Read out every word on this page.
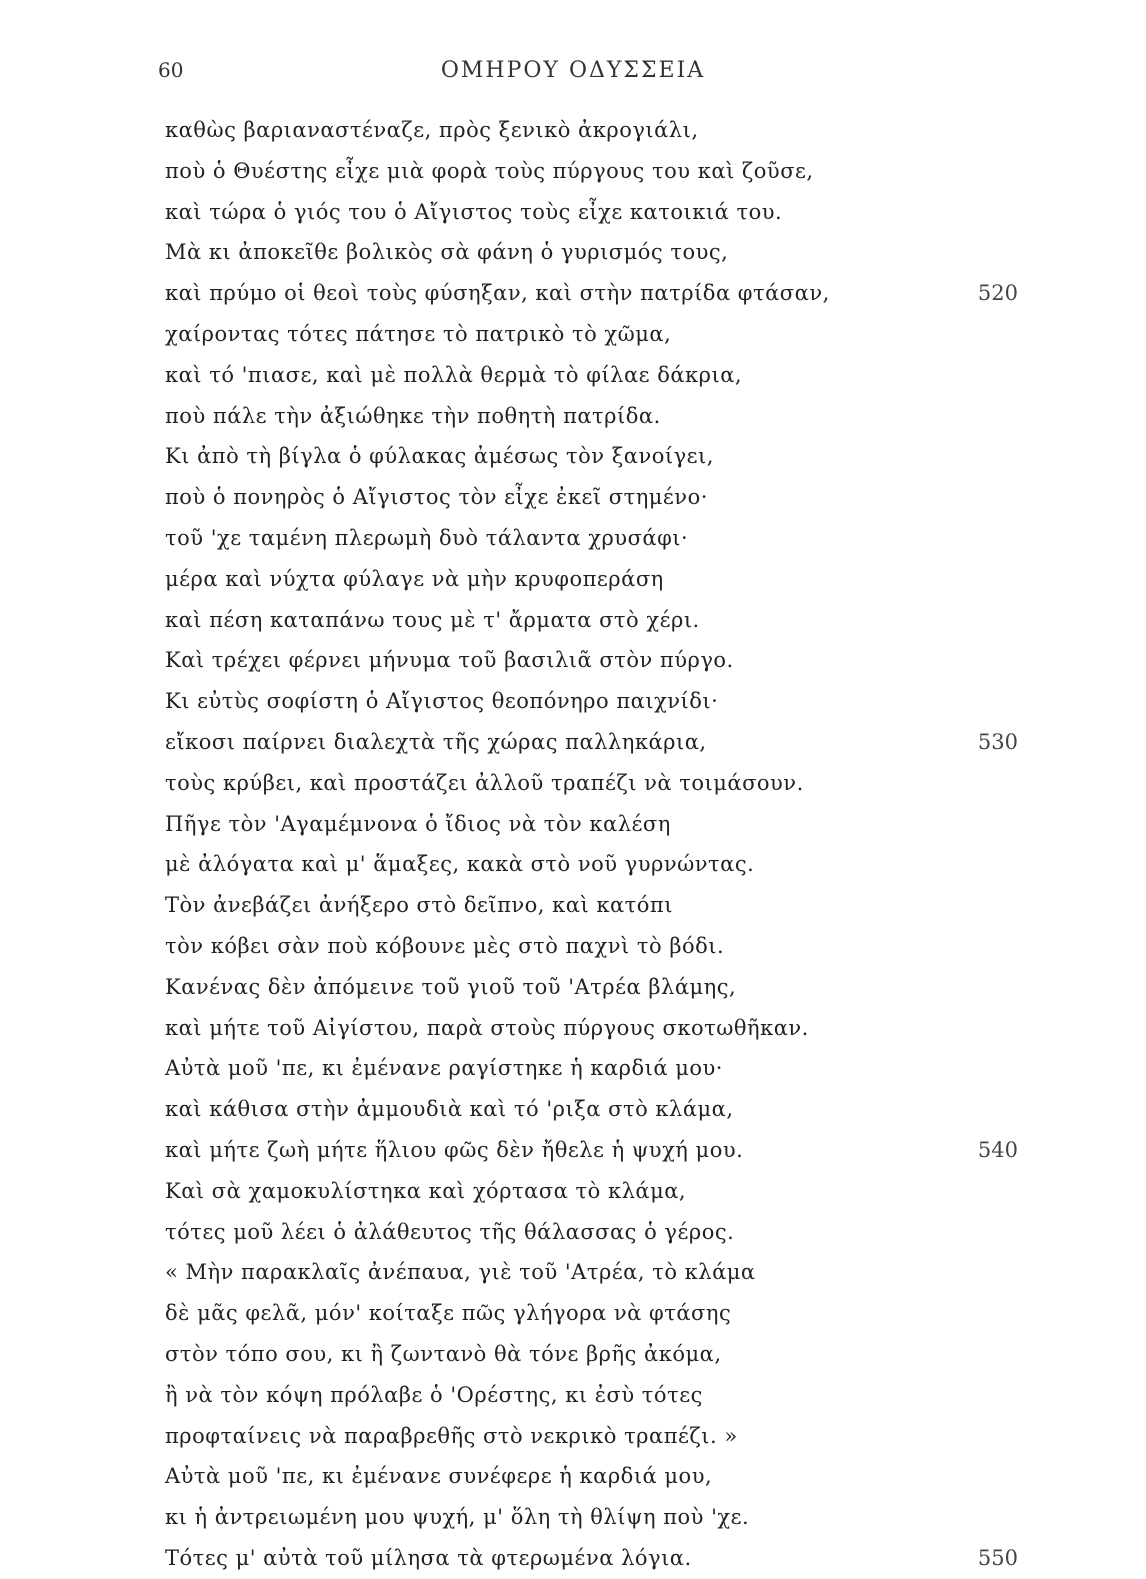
60	ΟΜΗΡΟΥ ΟΔΥΣΣΕΙΑ
καθὼς βαριαναστέναζε, πρὸς ξενικὸ ἀκρογιάλι,
ποὺ ὁ Θυέστης εἶχε μιὰ φορὰ τοὺς πύργους του καὶ ζοῦσε,
καὶ τώρα ὁ γιός του ὁ Αἴγιστος τοὺς εἶχε κατοικιά του.
Μὰ κι ἀποκεῖθε βολικὸς σὰ φάνη ὁ γυρισμός τους,
καὶ πρύμο οἱ θεοὶ τοὺς φύσηξαν, καὶ στὴν πατρίδα φτάσαν,	520
χαίροντας τότες πάτησε τὸ πατρικὸ τὸ χῶμα,
καὶ τό 'πιασε, καὶ μὲ πολλὰ θερμὰ τὸ φίλαε δάκρια,
ποὺ πάλε τὴν ἀξιώθηκε τὴν ποθητὴ πατρίδα.
Κι ἀπὸ τὴ βίγλα ὁ φύλακας ἀμέσως τὸν ξανοίγει,
ποὺ ὁ πονηρὸς ὁ Αἴγιστος τὸν εἶχε ἐκεῖ στημένο·
τοῦ 'χε ταμένη πλερωμὴ δυὸ τάλαντα χρυσάφι·
μέρα καὶ νύχτα φύλαγε νὰ μὴν κρυφοπεράση
καὶ πέση καταπάνω τους μὲ τ' ἄρματα στὸ χέρι.
Καὶ τρέχει φέρνει μήνυμα τοῦ βασιλιᾶ στὸν πύργο.
Κι εὐτὺς σοφίστη ὁ Αἴγιστος θεοπόνηρο παιχνίδι·
εἴκοσι παίρνει διαλεχτὰ τῆς χώρας παλληκάρια,	530
τοὺς κρύβει, καὶ προστάζει ἀλλοῦ τραπέζι νὰ τοιμάσουν.
Πῆγε τὸν 'Αγαμέμνονα ὁ ἴδιος νὰ τὸν καλέση
μὲ ἀλόγατα καὶ μ' ἅμαξες, κακὰ στὸ νοῦ γυρνώντας.
Τὸν ἀνεβάζει ἀνήξερο στὸ δεῖπνο, καὶ κατόπι
τὸν κόβει σὰν ποὺ κόβουνε μὲς στὸ παχνὶ τὸ βόδι.
Κανένας δὲν ἀπόμεινε τοῦ γιοῦ τοῦ 'Ατρέα βλάμης,
καὶ μήτε τοῦ Αἰγίστου, παρὰ στοὺς πύργους σκοτωθῆκαν.
Αὐτὰ μοῦ 'πε, κι ἐμένανε ραγίστηκε ἡ καρδιά μου·
καὶ κάθισα στὴν ἀμμουδιὰ καὶ τό 'ριξα στὸ κλάμα,
καὶ μήτε ζωὴ μήτε ἥλιου φῶς δὲν ἤθελε ἡ ψυχή μου.	540
Καὶ σὰ χαμοκυλίστηκα καὶ χόρτασα τὸ κλάμα,
τότες μοῦ λέει ὁ ἀλάθευτος τῆς θάλασσας ὁ γέρος.
« Μὴν παρακλαῖς ἀνέπαυα, γιὲ τοῦ 'Ατρέα, τὸ κλάμα
δὲ μᾶς φελᾶ, μόν' κοίταξε πῶς γλήγορα νὰ φτάσης
στὸν τόπο σου, κι ἢ ζωντανὸ θὰ τόνε βρῆς ἀκόμα,
ἢ νὰ τὸν κόψη πρόλαβε ὁ 'Ορέστης, κι ἐσὺ τότες
προφταίνεις νὰ παραβρεθῆς στὸ νεκρικὸ τραπέζι. »
Αὐτὰ μοῦ 'πε, κι ἐμένανε συνέφερε ἡ καρδιά μου,
κι ἡ ἀντρειωμένη μου ψυχή, μ' ὅλη τὴ θλίψη ποὺ 'χε.
Τότες μ' αὐτὰ τοῦ μίλησα τὰ φτερωμένα λόγια.	550
